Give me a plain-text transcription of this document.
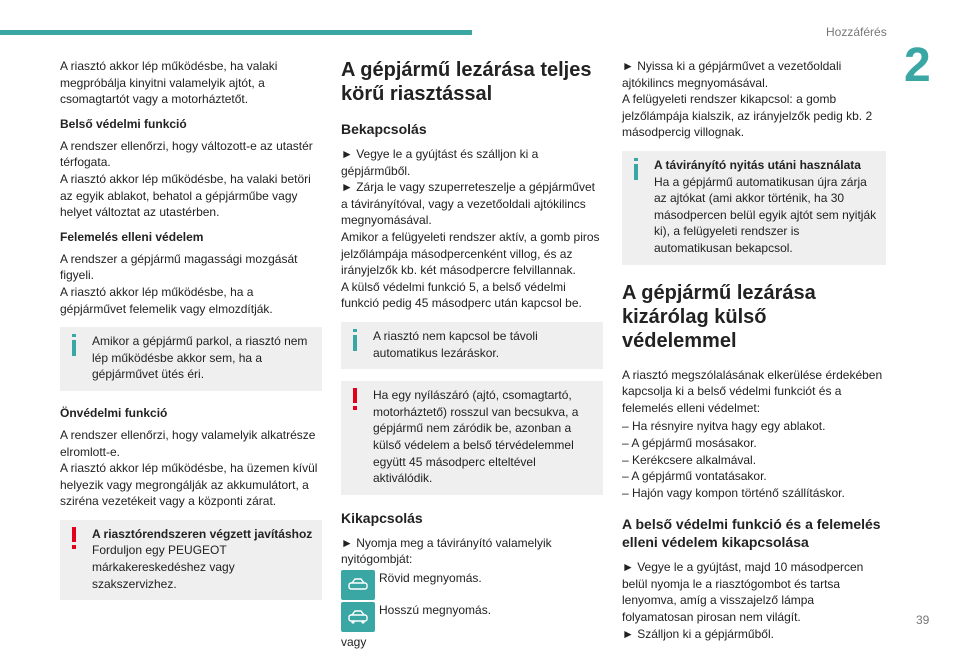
Hozzáférés
2
39

A riasztó akkor lép működésbe, ha valaki megpróbálja kinyitni valamelyik ajtót, a csomagtartót vagy a motorháztetőt.

Belső védelmi funkció

A rendszer ellenőrzi, hogy változott-e az utastér térfogata.
A riasztó akkor lép működésbe, ha valaki betöri az egyik ablakot, behatol a gépjárműbe vagy helyet változtat az utastérben.

Felemelés elleni védelem

A rendszer a gépjármű magassági mozgását figyeli.
A riasztó akkor lép működésbe, ha a gépjárművet felemelik vagy elmozdítják.

Amikor a gépjármű parkol, a riasztó nem lép működésbe akkor sem, ha a gépjárművet ütés éri.

Önvédelmi funkció

A rendszer ellenőrzi, hogy valamelyik alkatrésze elromlott-e.
A riasztó akkor lép működésbe, ha üzemen kívül helyezik vagy megrongálják az akkumulátort, a sziréna vezetékeit vagy a központi zárat.

A riasztórendszeren végzett javításhoz

Forduljon egy PEUGEOT márkakereskedéshez vagy szakszervizhez.

A gépjármű lezárása teljes körű riasztással
Bekapcsolás

► Vegye le a gyújtást és szálljon ki a gépjárműből.
► Zárja le vagy szuperreteszelje a gépjárművet a távirányítóval, vagy a vezetőoldali ajtókilincs megnyomásával.
Amikor a felügyeleti rendszer aktív, a gomb piros jelzőlámpája másodpercenként villog, és az irányjelzők kb. két másodpercre felvillannak.
A külső védelmi funkció 5, a belső védelmi funkció pedig 45 másodperc után kapcsol be.

A riasztó nem kapcsol be távoli automatikus lezáráskor.

Ha egy nyílászáró (ajtó, csomagtartó, motorháztető) rosszul van becsukva, a gépjármű nem záródik be, azonban a külső védelem a belső térvédelemmel együtt 45 másodperc elteltével aktiválódik.

Kikapcsolás

► Nyomja meg a távirányító valamelyik nyitógombját:

Rövid megnyomás.
Hosszú megnyomás.

vagy

► Nyissa ki a gépjárművet a vezetőoldali ajtókilincs megnyomásával.
A felügyeleti rendszer kikapcsol: a gomb jelzőlámpája kialszik, az irányjelzők pedig kb. 2 másodpercig villognak.

A távirányító nyitás utáni használata

Ha a gépjármű automatikusan újra zárja az ajtókat (ami akkor történik, ha 30 másodpercen belül egyik ajtót sem nyitják ki), a felügyeleti rendszer is automatikusan bekapcsol.

A gépjármű lezárása kizárólag külső védelemmel

A riasztó megszólalásának elkerülése érdekében kapcsolja ki a belső védelmi funkciót és a felemelés elleni védelmet:

– Ha résnyire nyitva hagy egy ablakot.
– A gépjármű mosásakor.
– Kerékcsere alkalmával.
– A gépjármű vontatásakor.
– Hajón vagy kompon történő szállításkor.
A belső védelmi funkció és a felemelés elleni védelem kikapcsolása

► Vegye le a gyújtást, majd 10 másodpercen belül nyomja le a riasztógombot és tartsa lenyomva, amíg a visszajelző lámpa folyamatosan pirosan nem világít.
► Szálljon ki a gépjárműből.
